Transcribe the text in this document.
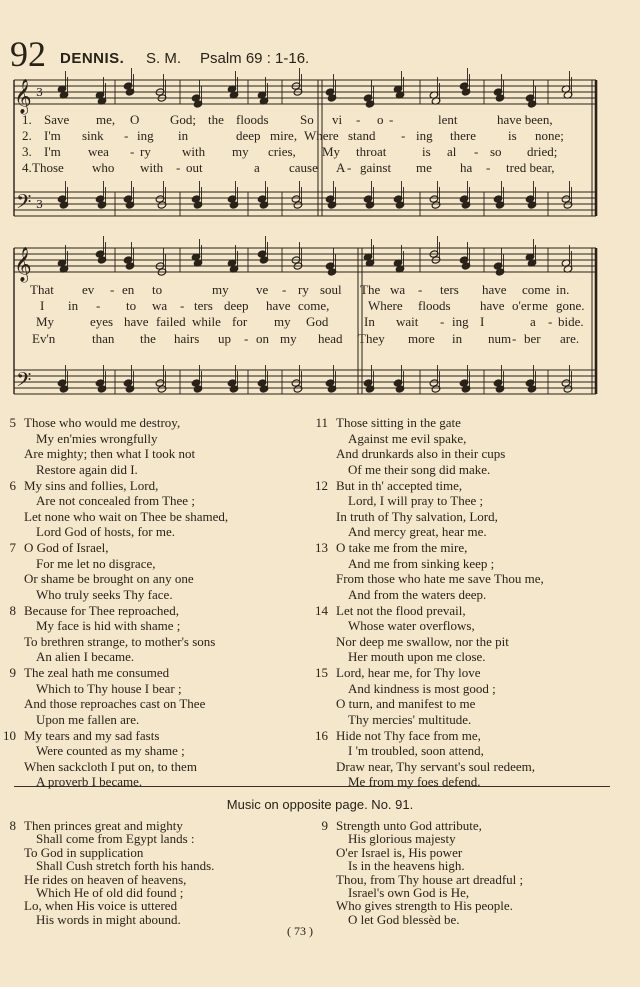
92 DENNIS. S. M. Psalm 69 : 1-16.
𝄞
𝄞
𝄢
𝄢
3
3
1. Save me, O God; the floods So vi - o -	lent	have been,
2. I'm sink - ing in	deep mire, Where stand - ing there is none;
3. I'm wea - ry with my cries, My throat	is al - so dried;
4. Those who with - out	a cause A - gainst me ha - tred bear,
That ev - en to	my ve - ry soul The wa - ters have come in.
I in - to wa - ters deep have come,	Where floods have o'er me gone.
My	eyes have failed while for my God	In wait - ing I	a - bide.
Ev'n	than the hairs up - on my head They more in num - ber are.
5 Those who would me destroy,
My en'mies wrongfully
Are mighty; then what I took not
Restore again did I.
6 My sins and follies, Lord,
Are not concealed from Thee ;
Let none who wait on Thee be shamed,
Lord God of hosts, for me.
7 O God of Israel,
For me let no disgrace,
Or shame be brought on any one
Who truly seeks Thy face.
8 Because for Thee reproached,
My face is hid with shame ;
To brethren strange, to mother's sons
An alien I became.
9 The zeal hath me consumed
Which to Thy house I bear ;
And those reproaches cast on Thee
Upon me fallen are.
10 My tears and my sad fasts
Were counted as my shame ;
When sackcloth I put on, to them
A proverb I became.
11 Those sitting in the gate
Against me evil spake,
And drunkards also in their cups
Of me their song did make.
12 But in th' accepted time,
Lord, I will pray to Thee ;
In truth of Thy salvation, Lord,
And mercy great, hear me.
13 O take me from the mire,
And me from sinking keep ;
From those who hate me save Thou me,
And from the waters deep.
14 Let not the flood prevail,
Whose water overflows,
Nor deep me swallow, nor the pit
Her mouth upon me close.
15 Lord, hear me, for Thy love
And kindness is most good ;
O turn, and manifest to me
Thy mercies' multitude.
16 Hide not Thy face from me,
I 'm troubled, soon attend,
Draw near, Thy servant's soul redeem,
Me from my foes defend.
Music on opposite page. No. 91.
8 Then princes great and mighty
Shall come from Egypt lands :
To God in supplication
Shall Cush stretch forth his hands.
He rides on heaven of heavens,
Which He of old did found ;
Lo, when His voice is uttered
His words in might abound.
9 Strength unto God attribute,
His glorious majesty
O'er Israel is, His power
Is in the heavens high.
Thou, from Thy house art dreadful ;
Israel's own God is He,
Who gives strength to His people.
O let God blessèd be.
( 73 )
